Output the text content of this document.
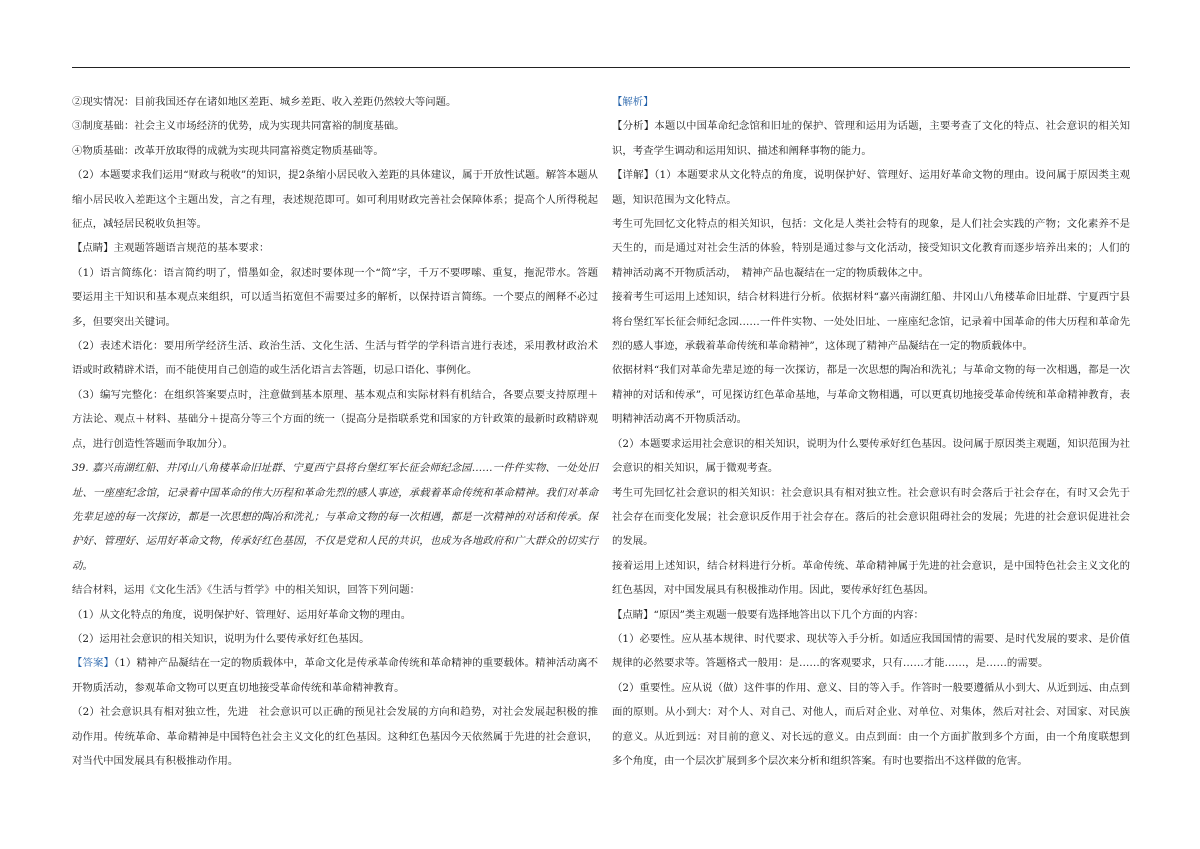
②现实情况：目前我国还存在诸如地区差距、城乡差距、收入差距仍然较大等问题。

③制度基础：社会主义市场经济的优势，成为实现共同富裕的制度基础。

④物质基础：改革开放取得的成就为实现共同富裕奠定物质基础等。

（2）本题要求我们运用“财政与税收”的知识，提2条缩小居民收入差距的具体建议，属于开放性试题。解答本题从缩小居民收入差距这个主题出发，言之有理，表述规范即可。如可利用财政完善社会保障体系；提高个人所得税起征点，减轻居民税收负担等。

【点睛】主观题答题语言规范的基本要求：

（1）语言简练化：语言简约明了，惜墨如金，叙述时要体现一个“简”字，千万不要啰嗦、重复，拖泥带水。答题要运用主干知识和基本观点来组织，可以适当拓宽但不需要过多的解析，以保持语言简练。一个要点的阐释不必过多，但要突出关键词。

（2）表述术语化：要用所学经济生活、政治生活、文化生活、生活与哲学的学科语言进行表述，采用教材政治术语或时政精辟术语，而不能使用自己创造的或生活化语言去答题，切忌口语化、事例化。

（3）编写完整化：在组织答案要点时，注意做到基本原理、基本观点和实际材料有机结合，各要点要支持原理＋方法论、观点＋材料、基础分＋提高分等三个方面的统一（提高分是指联系党和国家的方针政策的最新时政精辟观点，进行创造性答题而争取加分）。

39. 嘉兴南湖红船、井冈山八角楼革命旧址群、宁夏西宁县将台堡红军长征会师纪念园……一件件实物、一处处旧址、一座座纪念馆，记录着中国革命的伟大历程和革命先烈的感人事迹，承载着革命传统和革命精神。我们对革命先辈足迹的每一次探访，都是一次思想的陶冶和洗礼；与革命文物的每一次相遇，都是一次精神的对话和传承。保护好、管理好、运用好革命文物，传承好红色基因，不仅是党和人民的共识，也成为各地政府和广大群众的切实行动。

结合材料，运用《文化生活》《生活与哲学》中的相关知识，回答下列问题：

（1）从文化特点的角度，说明保护好、管理好、运用好革命文物的理由。

（2）运用社会意识的相关知识，说明为什么要传承好红色基因。

【答案】（1）精神产品凝结在一定的物质载体中，革命文化是传承革命传统和革命精神的重要载体。精神活动离不开物质活动，参观革命文物可以更直切地接受革命传统和革命精神教育。

（2）社会意识具有相对独立性，先进　社会意识可以正确的预见社会发展的方向和趋势，对社会发展起积极的推动作用。传统革命、革命精神是中国特色社会主义文化的红色基因。这种红色基因今天依然属于先进的社会意识，对当代中国发展具有积极推动作用。

【解析】

【分析】本题以中国革命纪念馆和旧址的保护、管理和运用为话题，主要考查了文化的特点、社会意识的相关知识，考查学生调动和运用知识、描述和阐释事物的能力。

【详解】（1）本题要求从文化特点的角度，说明保护好、管理好、运用好革命文物的理由。设问属于原因类主观题，知识范围为文化特点。

考生可先回忆文化特点的相关知识，包括：文化是人类社会特有的现象，是人们社会实践的产物；文化素养不是天生的，而是通过对社会生活的体验，特别是通过参与文化活动，接受知识文化教育而逐步培养出来的；人们的精神活动离不开物质活动，　精神产品也凝结在一定的物质载体之中。

接着考生可运用上述知识，结合材料进行分析。依据材料“嘉兴南湖红船、井冈山八角楼革命旧址群、宁夏西宁县将台堡红军长征会师纪念园……一件件实物、一处处旧址、一座座纪念馆，记录着中国革命的伟大历程和革命先烈的感人事迹，承载着革命传统和革命精神”，这体现了精神产品凝结在一定的物质载体中。

依据材料“我们对革命先辈足迹的每一次探访，都是一次思想的陶冶和洗礼；与革命文物的每一次相遇，都是一次精神的对话和传承”，可见探访红色革命基地，与革命文物相遇，可以更真切地接受革命传统和革命精神教育，表明精神活动离不开物质活动。

（2）本题要求运用社会意识的相关知识，说明为什么要传承好红色基因。设问属于原因类主观题，知识范围为社会意识的相关知识，属于微观考查。

考生可先回忆社会意识的相关知识：社会意识具有相对独立性。社会意识有时会落后于社会存在，有时又会先于社会存在而变化发展；社会意识反作用于社会存在。落后的社会意识阻碍社会的发展；先进的社会意识促进社会的发展。

接着运用上述知识，结合材料进行分析。革命传统、革命精神属于先进的社会意识，是中国特色社会主义文化的红色基因，对中国发展具有积极推动作用。因此，要传承好红色基因。

【点睛】“原因”类主观题一般要有选择地答出以下几个方面的内容：

（1）必要性。应从基本规律、时代要求、现状等入手分析。如适应我国国情的需要、是时代发展的要求、是价值规律的必然要求等。答题格式一般用：是……的客观要求，只有……才能……，是……的需要。

（2）重要性。应从说（做）这件事的作用、意义、目的等入手。作答时一般要遵循从小到大、从近到远、由点到面的原则。从小到大：对个人、对自己、对他人，而后对企业、对单位、对集体，然后对社会、对国家、对民族的意义。从近到远：对目前的意义、对长远的意义。由点到面：由一个方面扩散到多个方面，由一个角度联想到多个角度，由一个层次扩展到多个层次来分析和组织答案。有时也要指出不这样做的危害。
